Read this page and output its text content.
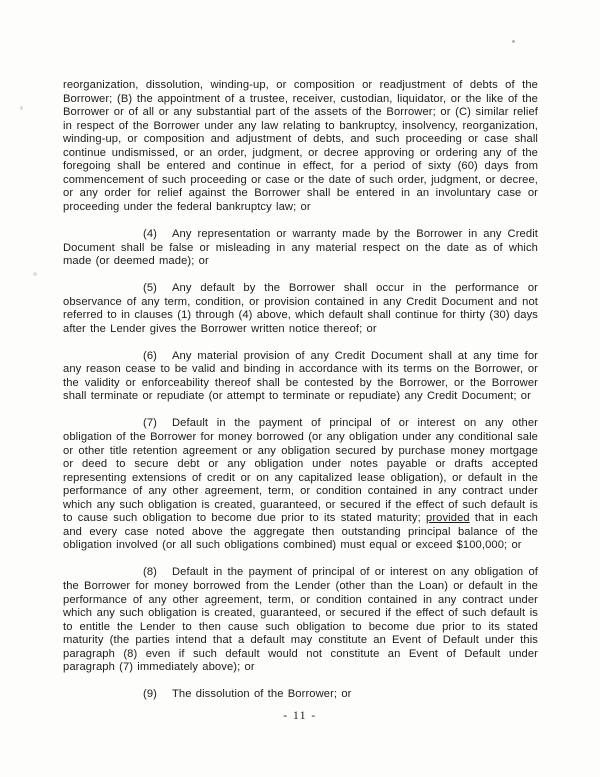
reorganization, dissolution, winding-up, or composition or readjustment of debts of the Borrower; (B) the appointment of a trustee, receiver, custodian, liquidator, or the like of the Borrower or of all or any substantial part of the assets of the Borrower; or (C) similar relief in respect of the Borrower under any law relating to bankruptcy, insolvency, reorganization, winding-up, or composition and adjustment of debts, and such proceeding or case shall continue undismissed, or an order, judgment, or decree approving or ordering any of the foregoing shall be entered and continue in effect, for a period of sixty (60) days from commencement of such proceeding or case or the date of such order, judgment, or decree, or any order for relief against the Borrower shall be entered in an involuntary case or proceeding under the federal bankruptcy law; or

(4) Any representation or warranty made by the Borrower in any Credit Document shall be false or misleading in any material respect on the date as of which made (or deemed made); or

(5) Any default by the Borrower shall occur in the performance or observance of any term, condition, or provision contained in any Credit Document and not referred to in clauses (1) through (4) above, which default shall continue for thirty (30) days after the Lender gives the Borrower written notice thereof; or

(6) Any material provision of any Credit Document shall at any time for any reason cease to be valid and binding in accordance with its terms on the Borrower, or the validity or enforceability thereof shall be contested by the Borrower, or the Borrower shall terminate or repudiate (or attempt to terminate or repudiate) any Credit Document; or

(7) Default in the payment of principal of or interest on any other obligation of the Borrower for money borrowed (or any obligation under any conditional sale or other title retention agreement or any obligation secured by purchase money mortgage or deed to secure debt or any obligation under notes payable or drafts accepted representing extensions of credit or on any capitalized lease obligation), or default in the performance of any other agreement, term, or condition contained in any contract under which any such obligation is created, guaranteed, or secured if the effect of such default is to cause such obligation to become due prior to its stated maturity; provided that in each and every case noted above the aggregate then outstanding principal balance of the obligation involved (or all such obligations combined) must equal or exceed $100,000; or

(8) Default in the payment of principal of or interest on any obligation of the Borrower for money borrowed from the Lender (other than the Loan) or default in the performance of any other agreement, term, or condition contained in any contract under which any such obligation is created, guaranteed, or secured if the effect of such default is to entitle the Lender to then cause such obligation to become due prior to its stated maturity (the parties intend that a default may constitute an Event of Default under this paragraph (8) even if such default would not constitute an Event of Default under paragraph (7) immediately above); or

(9) The dissolution of the Borrower; or

- 11 -
